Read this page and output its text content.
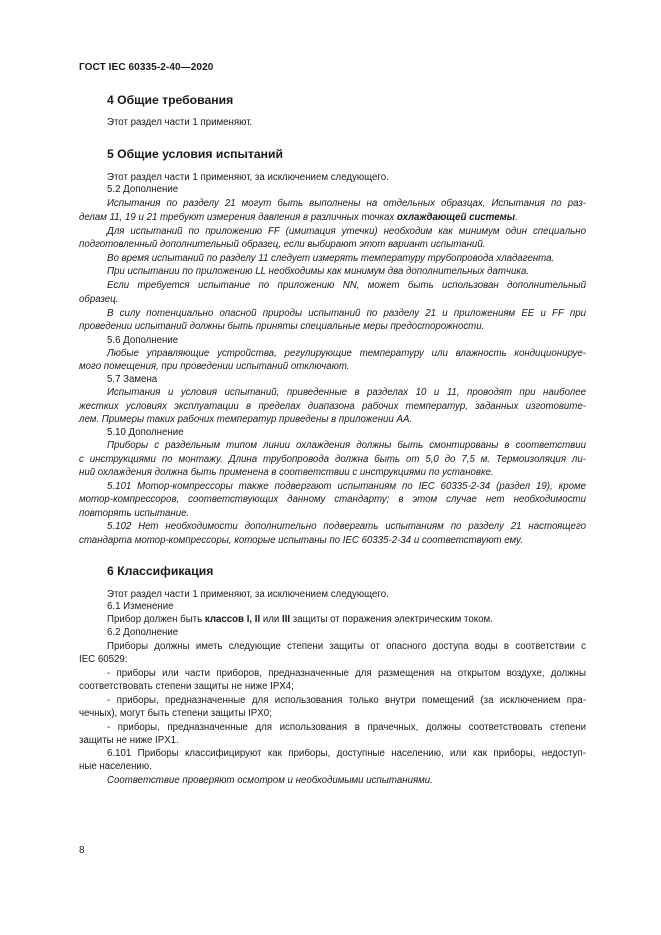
ГОСТ IEC 60335-2-40—2020
4 Общие требования
Этот раздел части 1 применяют.
5 Общие условия испытаний
Этот раздел части 1 применяют, за исключением следующего.
5.2 Дополнение
Испытания по разделу 21 могут быть выполнены на отдельных образцах. Испытания по раз-
делам 11, 19 и 21 требуют измерения давления в различных точках охлаждающей системы.
Для испытаний по приложению FF (имитация утечки) необходим как минимум один специально
подготовленный дополнительный образец, если выбирают этот вариант испытаний.
Во время испытаний по разделу 11 следует измерять температуру трубопровода хладагента.
При испытании по приложению LL необходимы как минимум два дополнительных датчика.
Если требуется испытание по приложению NN, может быть использован дополнительный
образец.
В силу потенциально опасной природы испытаний по разделу 21 и приложениям EE и FF при
проведении испытаний должны быть приняты специальные меры предосторожности.
5.6 Дополнение
Любые управляющие устройства, регулирующие температуру или влажность кондиционируе-
мого помещения, при проведении испытаний отключают.
5.7 Замена
Испытания и условия испытаний, приведенные в разделах 10 и 11, проводят при наиболее
жестких условиях эксплуатации в пределах диапазона рабочих температур, заданных изготовите-
лем. Примеры таких рабочих температур приведены в приложении АА.
5.10 Дополнение
Приборы с раздельным типом линии охлаждения должны быть смонтированы в соответствии
с инструкциями по монтажу. Длина трубопровода должна быть от 5,0 до 7,5 м. Термоизоляция ли-
ний охлаждения должна быть применена в соответствии с инструкциями по установке.
5.101 Мотор-компрессоры также подвергают испытаниям по IEC 60335-2-34 (раздел 19), кроме
мотор-компрессоров, соответствующих данному стандарту; в этом случае нет необходимости
повторять испытание.
5.102 Нет необходимости дополнительно подвергать испытаниям по разделу 21 настоящего
стандарта мотор-компрессоры, которые испытаны по IEC 60335-2-34 и соответствуют ему.
6 Классификация
Этот раздел части 1 применяют, за исключением следующего.
6.1 Изменение
Прибор должен быть классов I, II или III защиты от поражения электрическим током.
6.2 Дополнение
Приборы должны иметь следующие степени защиты от опасного доступа воды в соответствии с
IEC 60529:
- приборы или части приборов, предназначенные для размещения на открытом воздухе, должны
соответствовать степени защиты не ниже IPX4;
- приборы, предназначенные для использования только внутри помещений (за исключением пра-
чечных), могут быть степени защиты IPX0;
- приборы, предназначенные для использования в прачечных, должны соответствовать степени
защиты не ниже IPX1.
6.101 Приборы классифицируют как приборы, доступные населению, или как приборы, недоступ-
ные населению.
Соответствие проверяют осмотром и необходимыми испытаниями.
8
